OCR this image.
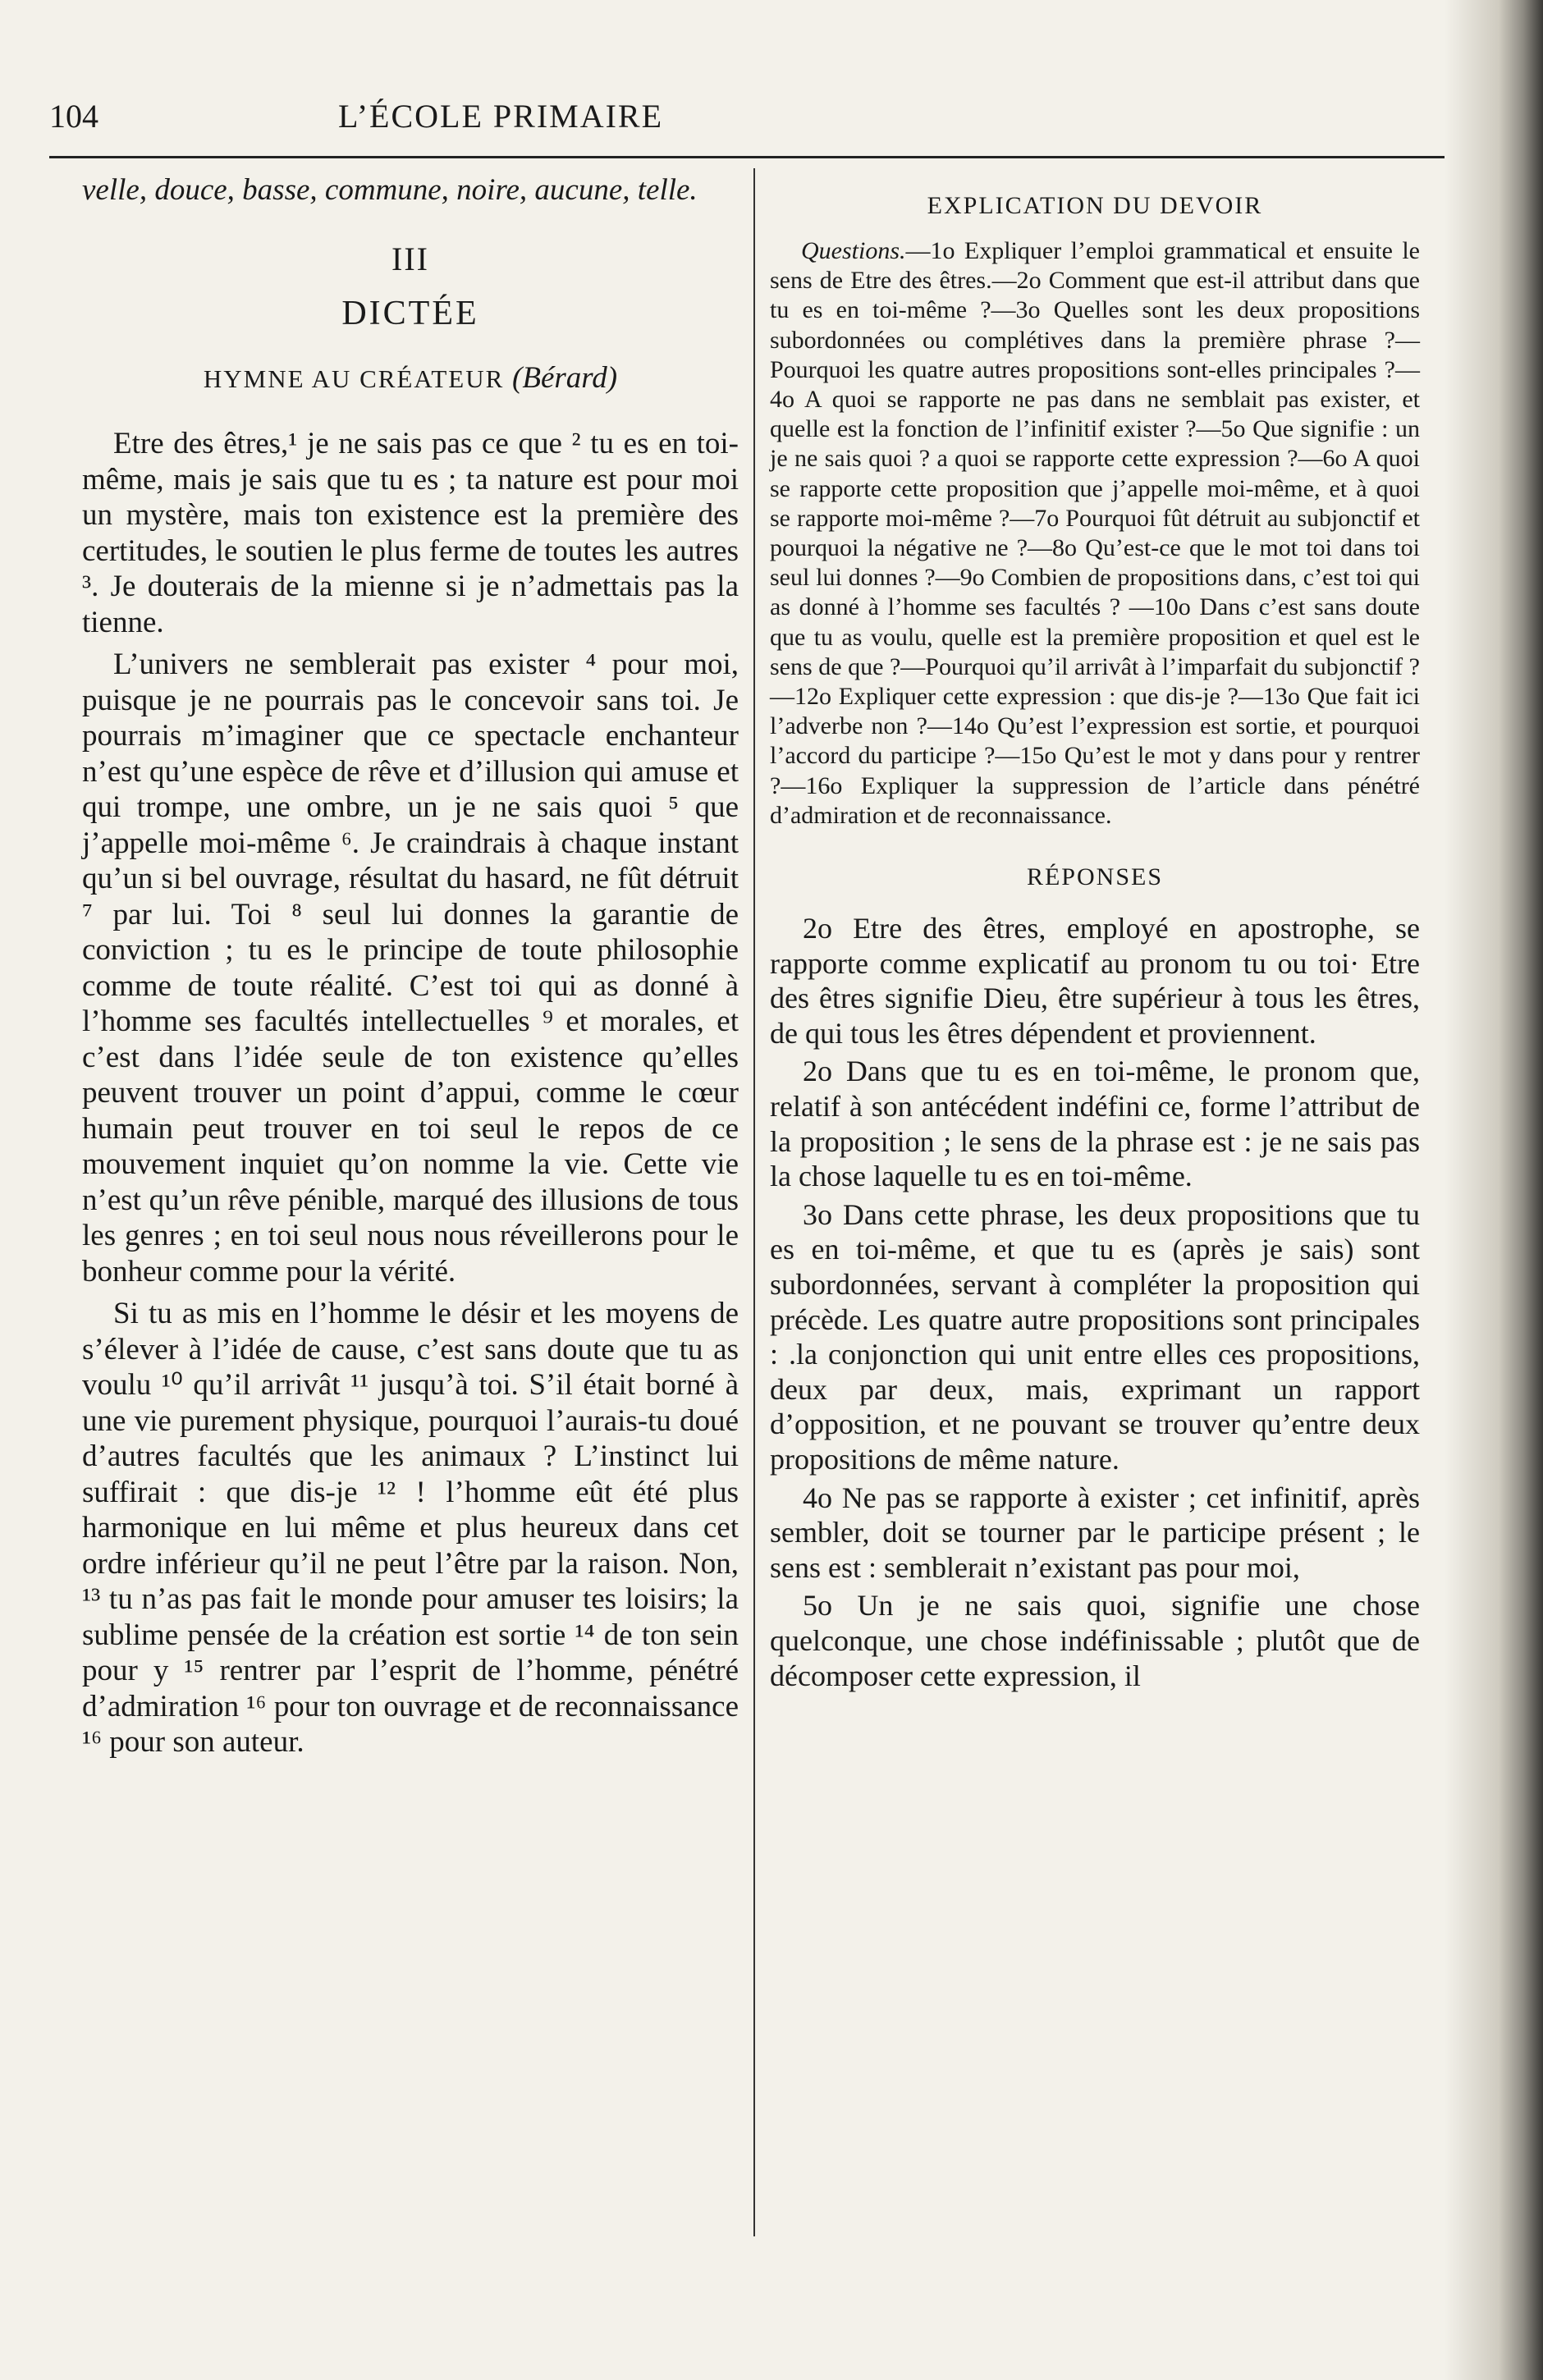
104	L’ÉCOLE PRIMAIRE
velle, douce, basse, commune, noire, aucune, telle.
III
DICTÉE
HYMNE AU CRÉATEUR (Bérard)

Etre des êtres,¹ je ne sais pas ce que ² tu es en toi-même, mais je sais que tu es ; ta nature est pour moi un mystère, mais ton existence est la première des certitudes, le soutien le plus ferme de toutes les autres ³. Je douterais de la mienne si je n’admettais pas la tienne.

L’univers ne semblerait pas exister ⁴ pour moi, puisque je ne pourrais pas le concevoir sans toi. Je pourrais m’imaginer que ce spectacle enchanteur n’est qu’une espèce de rêve et d’illusion qui amuse et qui trompe, une ombre, un je ne sais quoi ⁵ que j’appelle moi-même ⁶. Je craindrais à chaque instant qu’un si bel ouvrage, résultat du hasard, ne fût détruit ⁷ par lui. Toi ⁸ seul lui donnes la garantie de conviction ; tu es le principe de toute philosophie comme de toute réalité. C’est toi qui as donné à l’homme ses facultés intellectuelles ⁹ et morales, et c’est dans l’idée seule de ton existence qu’elles peuvent trouver un point d’appui, comme le cœur humain peut trouver en toi seul le repos de ce mouvement inquiet qu’on nomme la vie. Cette vie n’est qu’un rêve pénible, marqué des illusions de tous les genres ; en toi seul nous nous réveillerons pour le bonheur comme pour la vérité.

Si tu as mis en l’homme le désir et les moyens de s’élever à l’idée de cause, c’est sans doute que tu as voulu ¹⁰ qu’il arrivât ¹¹ jusqu’à toi. S’il était borné à une vie purement physique, pourquoi l’aurais-tu doué d’autres facultés que les animaux ? L’instinct lui suffirait : que dis-je ¹² ! l’homme eût été plus harmonique en lui même et plus heureux dans cet ordre inférieur qu’il ne peut l’être par la raison. Non, ¹³ tu n’as pas fait le monde pour amuser tes loisirs; la sublime pensée de la création est sortie ¹⁴ de ton sein pour y ¹⁵ rentrer par l’esprit de l’homme, pénétré d’admiration ¹⁶ pour ton ouvrage et de reconnaissance ¹⁶ pour son auteur.

EXPLICATION DU DEVOIR

Questions.—1o Expliquer l’emploi grammatical et ensuite le sens de Etre des êtres.—2o Comment que est-il attribut dans que tu es en toi-même ?—3o Quelles sont les deux propositions subordonnées ou complétives dans la première phrase ?—Pourquoi les quatre autres propositions sont-elles principales ?—4o A quoi se rapporte ne pas dans ne semblait pas exister, et quelle est la fonction de l’infinitif exister ?—5o Que signifie : un je ne sais quoi ? a quoi se rapporte cette expression ?—6o A quoi se rapporte cette proposition que j’appelle moi-même, et à quoi se rapporte moi-même ?—7o Pourquoi fût détruit au subjonctif et pourquoi la négative ne ?—8o Qu’est-ce que le mot toi dans toi seul lui donnes ?—9o Combien de propositions dans, c’est toi qui as donné à l’homme ses facultés ? —10o Dans c’est sans doute que tu as voulu, quelle est la première proposition et quel est le sens de que ?—Pourquoi qu’il arrivât à l’imparfait du subjonctif ?—12o Expliquer cette expression : que dis-je ?—13o Que fait ici l’adverbe non ?—14o Qu’est l’expression est sortie, et pourquoi l’accord du participe ?—15o Qu’est le mot y dans pour y rentrer ?—16o Expliquer la suppression de l’article dans pénétré d’admiration et de reconnaissance.

RÉPONSES

2o Etre des êtres, employé en apostrophe, se rapporte comme explicatif au pronom tu ou toi· Etre des êtres signifie Dieu, être supérieur à tous les êtres, de qui tous les êtres dépendent et proviennent.

2o Dans que tu es en toi-même, le pronom que, relatif à son antécédent indéfini ce, forme l’attribut de la proposition ; le sens de la phrase est : je ne sais pas la chose laquelle tu es en toi-même.

3o Dans cette phrase, les deux propositions que tu es en toi-même, et que tu es (après je sais) sont subordonnées, servant à compléter la proposition qui précède. Les quatre autre propositions sont principales : .la conjonction qui unit entre elles ces propositions, deux par deux, mais, exprimant un rapport d’opposition, et ne pouvant se trouver qu’entre deux propositions de même nature.

4o Ne pas se rapporte à exister ; cet infinitif, après sembler, doit se tourner par le participe présent ; le sens est : semblerait n’existant pas pour moi,

5o Un je ne sais quoi, signifie une chose quelconque, une chose indéfinissable ; plutôt que de décomposer cette expression, il
